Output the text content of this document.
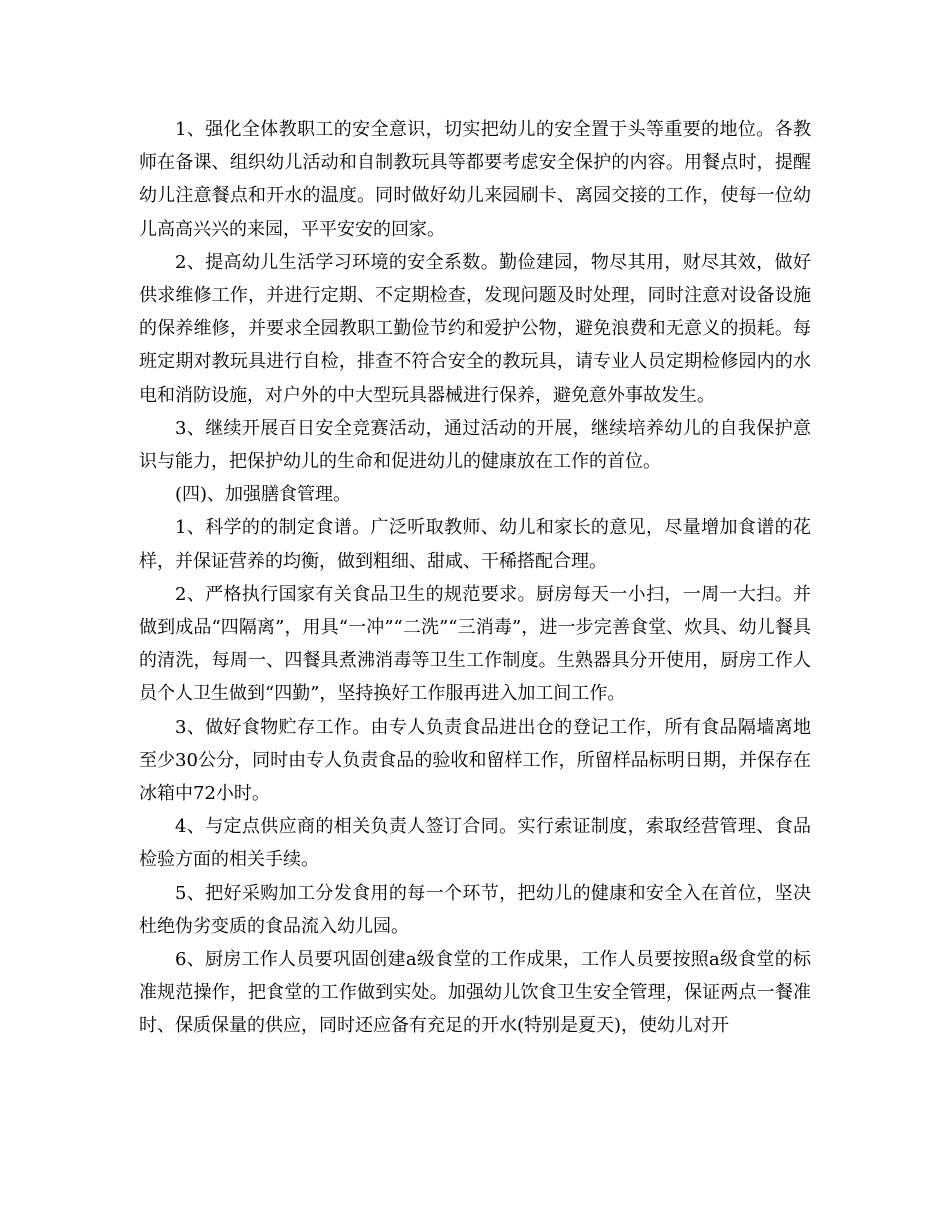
1、强化全体教职工的安全意识，切实把幼儿的安全置于头等重要的地位。各教师在备课、组织幼儿活动和自制教玩具等都要考虑安全保护的内容。用餐点时，提醒幼儿注意餐点和开水的温度。同时做好幼儿来园刷卡、离园交接的工作，使每一位幼儿高高兴兴的来园，平平安安的回家。

2、提高幼儿生活学习环境的安全系数。勤俭建园，物尽其用，财尽其效，做好供求维修工作，并进行定期、不定期检查，发现问题及时处理，同时注意对设备设施的保养维修，并要求全园教职工勤俭节约和爱护公物，避免浪费和无意义的损耗。每班定期对教玩具进行自检，排查不符合安全的教玩具，请专业人员定期检修园内的水电和消防设施，对户外的中大型玩具器械进行保养，避免意外事故发生。

3、继续开展百日安全竞赛活动，通过活动的开展，继续培养幼儿的自我保护意识与能力，把保护幼儿的生命和促进幼儿的健康放在工作的首位。

(四)、加强膳食管理。

1、科学的的制定食谱。广泛听取教师、幼儿和家长的意见，尽量增加食谱的花样，并保证营养的均衡，做到粗细、甜咸、干稀搭配合理。

2、严格执行国家有关食品卫生的规范要求。厨房每天一小扫，一周一大扫。并做到成品“四隔离”，用具“一冲”“二洗”“三消毒”，进一步完善食堂、炊具、幼儿餐具的清洗，每周一、四餐具煮沸消毒等卫生工作制度。生熟器具分开使用，厨房工作人员个人卫生做到“四勤”，坚持换好工作服再进入加工间工作。

3、做好食物贮存工作。由专人负责食品进出仓的登记工作，所有食品隔墙离地至少30公分，同时由专人负责食品的验收和留样工作，所留样品标明日期，并保存在冰箱中72小时。

4、与定点供应商的相关负责人签订合同。实行索证制度，索取经营管理、食品检验方面的相关手续。

5、把好采购加工分发食用的每一个环节，把幼儿的健康和安全入在首位，坚决杜绝伪劣变质的食品流入幼儿园。

6、厨房工作人员要巩固创建a级食堂的工作成果，工作人员要按照a级食堂的标准规范操作，把食堂的工作做到实处。加强幼儿饮食卫生安全管理，保证两点一餐准时、保质保量的供应，同时还应备有充足的开水(特别是夏天)，使幼儿对开
